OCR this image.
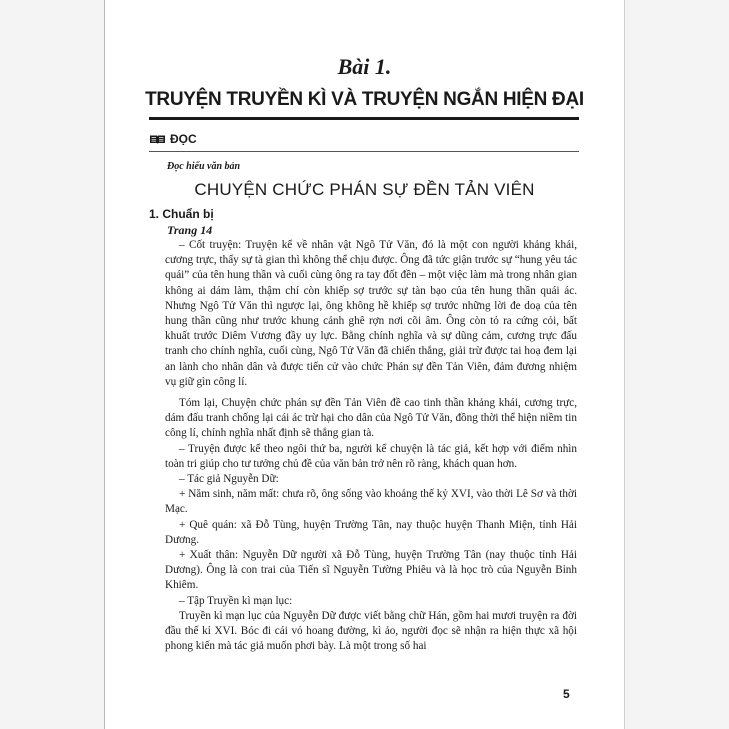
Bài 1.
TRUYỆN TRUYỀN KÌ VÀ TRUYỆN NGẮN HIỆN ĐẠI
ĐỌC
Đọc hiểu văn bản
CHUYỆN CHỨC PHÁN SỰ ĐỀN TẢN VIÊN
1. Chuẩn bị
Trang 14

– Cốt truyện: Truyện kể về nhân vật Ngô Tử Văn, đó là một con người khảng khái, cương trực, thấy sự tà gian thì không thể chịu được. Ông đã tức giận trước sự “hung yêu tác quái” của tên hung thần và cuối cùng ông ra tay đốt đền – một việc làm mà trong nhân gian không ai dám làm, thậm chí còn khiếp sợ trước sự tàn bạo của tên hung thần quái ác. Nhưng Ngô Tử Văn thì ngược lại, ông không hề khiếp sợ trước những lời đe doạ của tên hung thần cũng như trước khung cảnh ghê rợn nơi cõi âm. Ông còn tỏ ra cứng cỏi, bất khuất trước Diêm Vương đầy uy lực. Bằng chính nghĩa và sự dũng cảm, cương trực đấu tranh cho chính nghĩa, cuối cùng, Ngô Tử Văn đã chiến thắng, giải trừ được tai hoạ đem lại an lành cho nhân dân và được tiến cử vào chức Phán sự đền Tản Viên, đảm đương nhiệm vụ giữ gìn công lí.

Tóm lại, Chuyện chức phán sự đền Tản Viên đề cao tinh thần khảng khái, cương trực, dám đấu tranh chống lại cái ác trừ hại cho dân của Ngô Tử Văn, đồng thời thể hiện niềm tin công lí, chính nghĩa nhất định sẽ thắng gian tà.

– Truyện được kể theo ngôi thứ ba, người kể chuyện là tác giả, kết hợp với điểm nhìn toàn tri giúp cho tư tưởng chủ đề của văn bản trở nên rõ ràng, khách quan hơn.

– Tác giả Nguyễn Dữ:

+ Năm sinh, năm mất: chưa rõ, ông sống vào khoảng thế kỷ XVI, vào thời Lê Sơ và thời Mạc.

+ Quê quán: xã Đỗ Tùng, huyện Trường Tân, nay thuộc huyện Thanh Miện, tỉnh Hải Dương.

+ Xuất thân: Nguyễn Dữ người xã Đỗ Tùng, huyện Trường Tân (nay thuộc tỉnh Hải Dương). Ông là con trai của Tiến sĩ Nguyễn Tường Phiêu và là học trò của Nguyễn Bỉnh Khiêm.

– Tập Truyền kì mạn lục:

Truyền kì mạn lục của Nguyễn Dữ được viết bằng chữ Hán, gồm hai mươi truyện ra đời đầu thế kỉ XVI. Bóc đi cái vỏ hoang đường, kì ảo, người đọc sẽ nhận ra hiện thực xã hội phong kiến mà tác giả muốn phơi bày. Là một trong số hai

5
